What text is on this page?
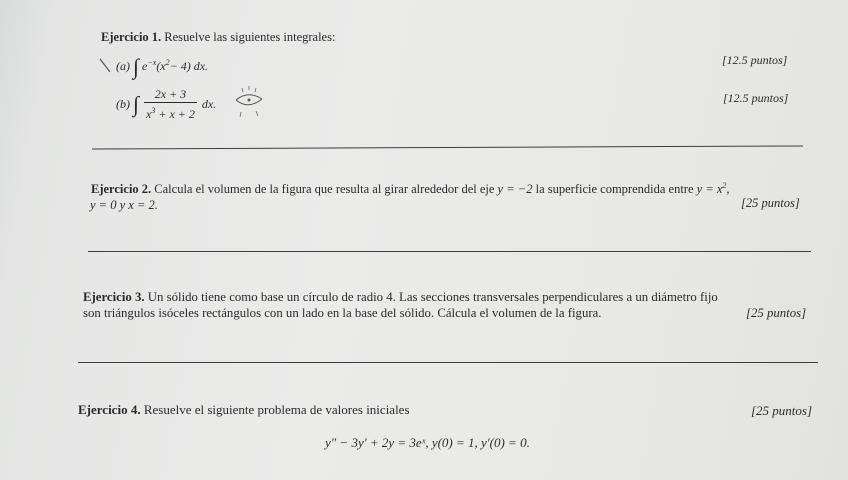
Ejercicio 1. Resuelve las siguientes integrales:
(a) ∫ $e^{-x}(x^2- 4)$ dx.	[12.5 puntos]
(b) ∫ $\frac{2x + 3}{x^3 + x + 2}$ dx.	[12.5 puntos]
Ejercicio 2. Calcula el volumen de la figura que resulta al girar alrededor del eje y = −2 la superficie comprendida entre $y = x^2$,
y = 0 y x = 2.	[25 puntos]
Ejercicio 3. Un sólido tiene como base un círculo de radio 4. Las secciones transversales perpendiculares a un diámetro fijo
son triángulos isóceles rectángulos con un lado en la base del sólido. Cálcula el volumen de la figura.	[25 puntos]
Ejercicio 4. Resuelve el siguiente problema de valores iniciales	[25 puntos]
y″ − 3y′ + 2y = 3eˣ, y(0) = 1, y′(0) = 0.
